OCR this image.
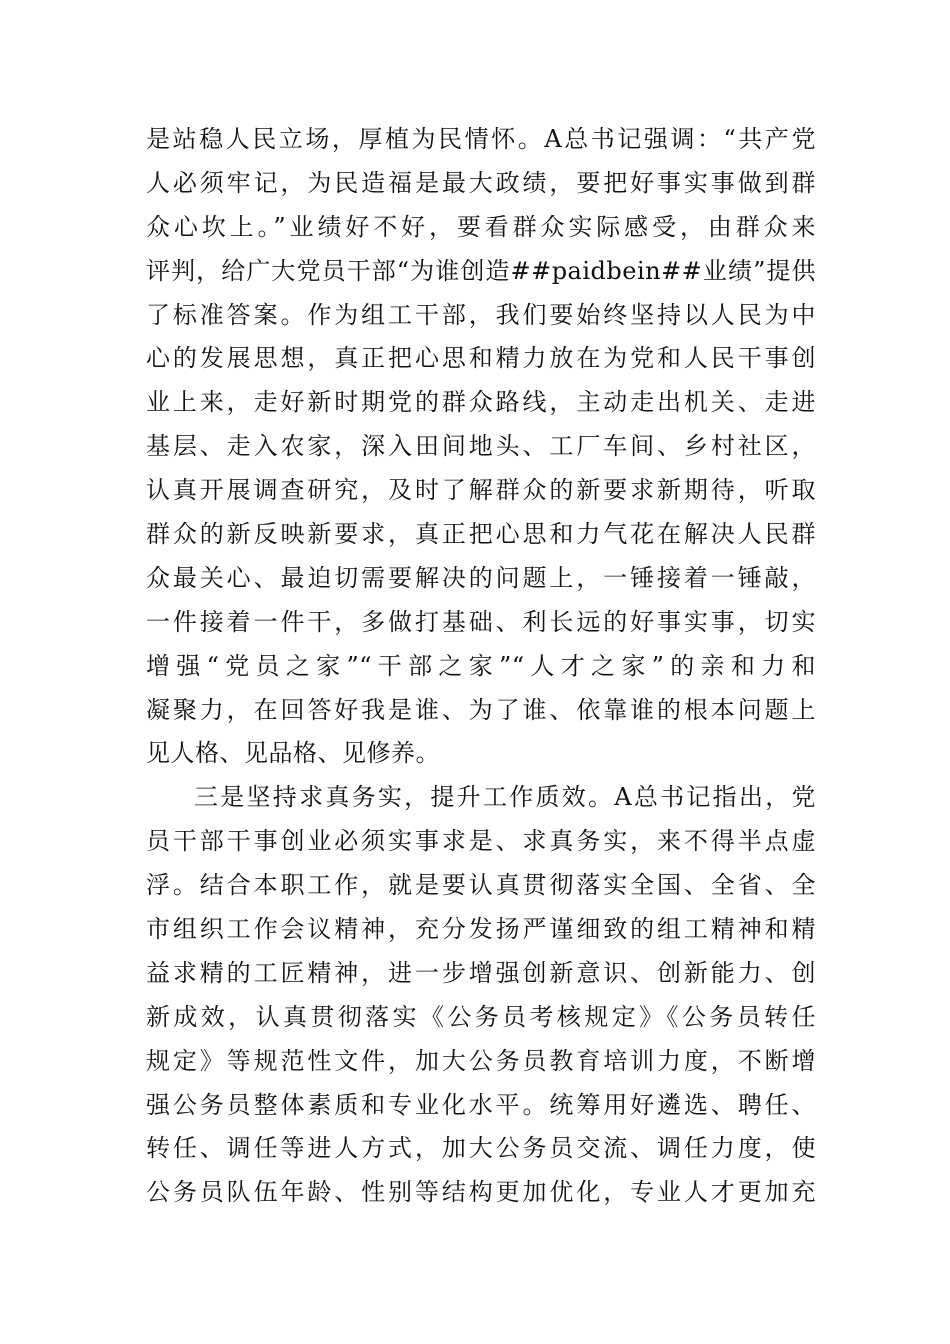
是站稳人民立场，厚植为民情怀。A总书记强调：“共产党
人必须牢记，为民造福是最大政绩，要把好事实事做到群
众心坎上。”业绩好不好，要看群众实际感受，由群众来
评判，给广大党员干部“为谁创造##paidbein##业绩”提供
了标准答案。作为组工干部，我们要始终坚持以人民为中
心的发展思想，真正把心思和精力放在为党和人民干事创
业上来，走好新时期党的群众路线，主动走出机关、走进
基层、走入农家，深入田间地头、工厂车间、乡村社区，
认真开展调查研究，及时了解群众的新要求新期待，听取
群众的新反映新要求，真正把心思和力气花在解决人民群
众最关心、最迫切需要解决的问题上，一锤接着一锤敲，
一件接着一件干，多做打基础、利长远的好事实事，切实
增强“党员之家”“干部之家”“人才之家”的亲和力和
凝聚力，在回答好我是谁、为了谁、依靠谁的根本问题上
见人格、见品格、见修养。
三是坚持求真务实，提升工作质效。A总书记指出，党
员干部干事创业必须实事求是、求真务实，来不得半点虚
浮。结合本职工作，就是要认真贯彻落实全国、全省、全
市组织工作会议精神，充分发扬严谨细致的组工精神和精
益求精的工匠精神，进一步增强创新意识、创新能力、创
新成效，认真贯彻落实《公务员考核规定》《公务员转任
规定》等规范性文件，加大公务员教育培训力度，不断增
强公务员整体素质和专业化水平。统筹用好遴选、聘任、
转任、调任等进人方式，加大公务员交流、调任力度，使
公务员队伍年龄、性别等结构更加优化，专业人才更加充
